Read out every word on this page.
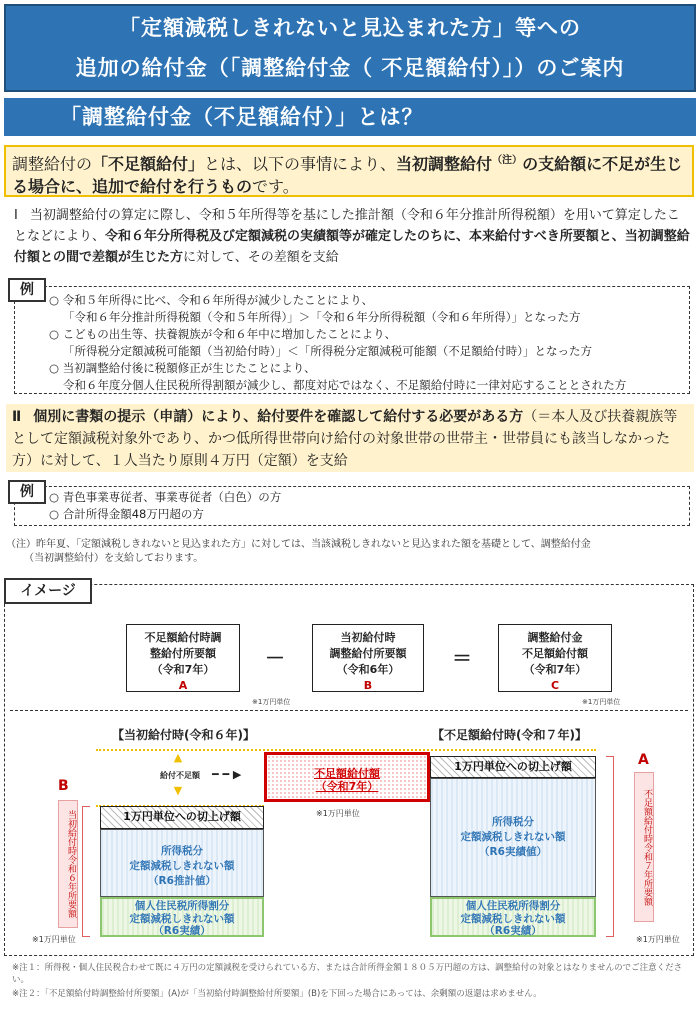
「定額減税しきれないと見込まれた方」等への
追加の給付金（「調整給付金（ 不足額給付）」）のご案内
「調整給付金（不足額給付）」とは？
調整給付の「不足額給付」とは、以下の事情により、当初調整給付$^{(注)}$の支給額に不足が生じる場合に、追加で給付を行うものです。
Ⅰ 当初調整給付の算定に際し、令和５年所得等を基にした推計額（令和６年分推計所得税額）を用いて算定したことなどにより、令和６年分所得税及び定額減税の実績額等が確定したのちに、本来給付すべき所要額と、当初調整給付額との間で差額が生じた方に対して、その差額を支給
○ 令和５年所得に比べ、令和６年所得が減少したことにより、
「令和６年分推計所得税額（令和５年所得）」＞「令和６年分所得税額（令和６年所得）」となった方
○ こどもの出生等、扶養親族が令和６年中に増加したことにより、
「所得税分定額減税可能額（当初給付時）」＜「所得税分定額減税可能額（不足額給付時）」となった方
○ 当初調整給付後に税額修正が生じたことにより、
令和６年度分個人住民税所得割額が減少し、都度対応ではなく、不足額給付時に一律対応することとされた方
例
Ⅱ 個別に書類の提示（申請）により、給付要件を確認して給付する必要がある方（＝本人及び扶養親族等として定額減税対象外であり、かつ低所得世帯向け給付の対象世帯の世帯主・世帯員にも該当しなかった方）に対して、１人当たり原則４万円（定額）を支給
○ 青色事業専従者、事業専従者（白色）の方
○ 合計所得金額48万円超の方
例
（注）昨年夏、「定額減税しきれないと見込まれた方」に対しては、当該減税しきれないと見込まれた額を基礎として、調整給付金
（当初調整給付）を支給しております。
イメージ
不足額給付時調
整給付所要額
（令和7年）
A
－
当初給付時
調整給付所要額
（令和6年）
B
※1万円単位
＝
調整給付金
不足額給付額
（令和7年）
C
※1万円単位
【当初給付時(令和６年)】	【不足額給付時(令和７年)】
▲

▼
給付不足額 ━ ━ ▶	不足額給付額
（令和7年）
※1万円単位
1万円単位への切上げ額
所得税分
定額減税しきれない額
（R6推計値）
個人住民税所得割分
定額減税しきれない額
（R6実績）
1万円単位への切上げ額
所得税分
定額減税しきれない額
（R6実績値）
個人住民税所得割分
定額減税しきれない額
（R6実績）
B
当初給付時令和６年所要額
※1万円単位
A
不足額給付時令和７年所要額
※1万円単位
※注１：所得税・個人住民税合わせて既に４万円の定額減税を受けられている方、または合計所得金額１８０５万円超の方は、調整給付の対象とはなりませんのでご注意ください。
※注２：「不足額給付時調整給付所要額」(A)が「当初給付時調整給付所要額」(B)を下回った場合にあっては、余剰額の返還は求めません。
